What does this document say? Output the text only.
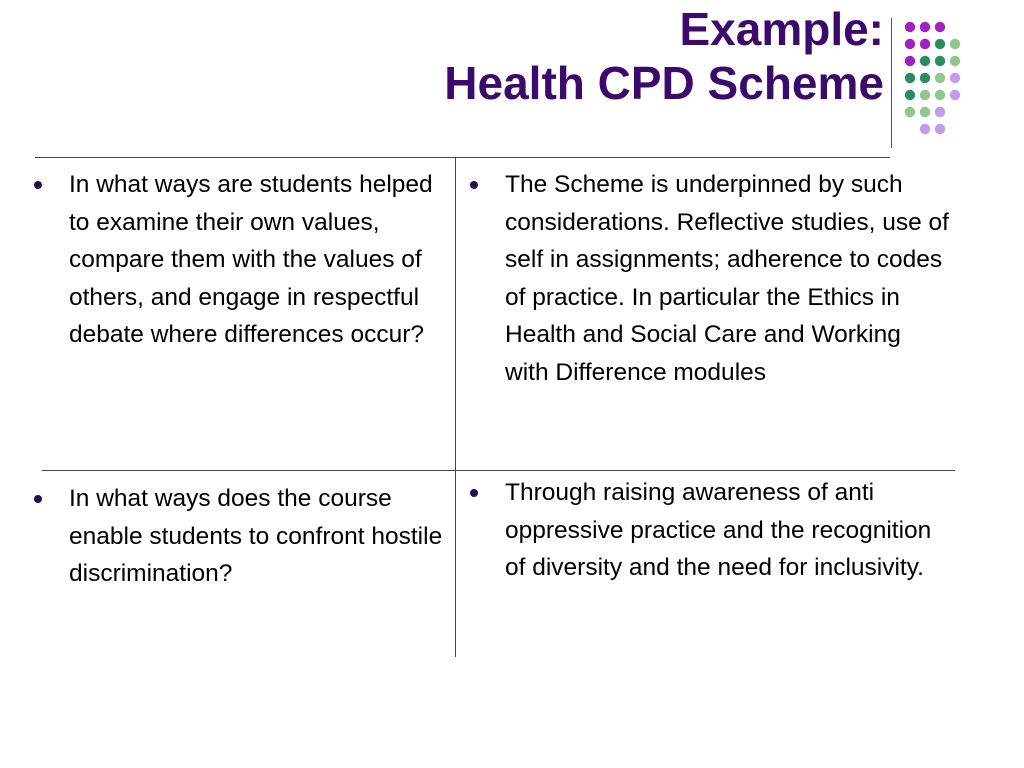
Example:
Health CPD Scheme
In what ways are students helped to examine their own values, compare them with the values of others, and engage in respectful debate where differences occur?
The Scheme is underpinned by such considerations. Reflective studies, use of self in assignments; adherence to codes of practice. In particular the Ethics in Health and Social Care and Working with Difference modules
In what ways does the course enable students to confront hostile discrimination?
Through raising awareness of anti oppressive practice and the recognition of diversity and the need for inclusivity.
